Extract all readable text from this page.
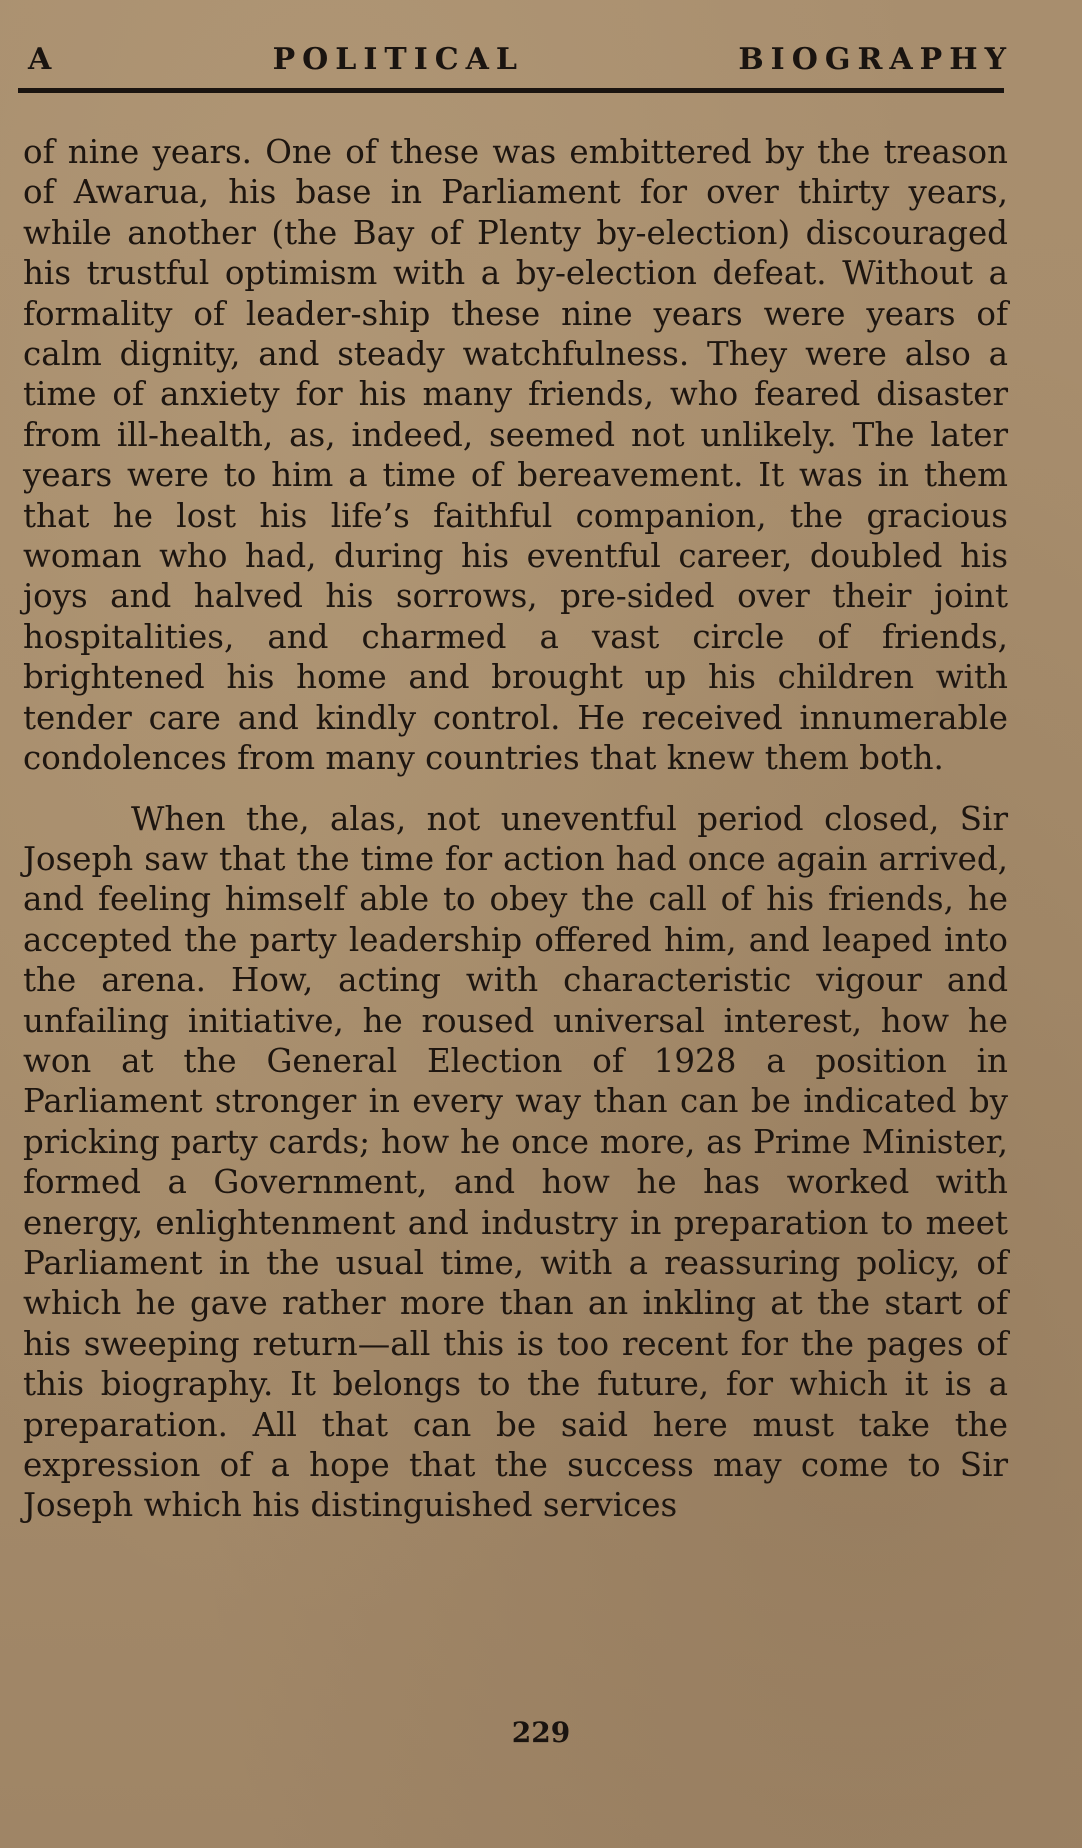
A	POLITICAL	BIOGRAPHY

of nine years. One of these was embittered by the treason of Awarua, his base in Parliament for over thirty years, while another (the Bay of Plenty by-election) discouraged his trustful optimism with a by-election defeat. Without a formality of leader-ship these nine years were years of calm dignity, and steady watchfulness. They were also a time of anxiety for his many friends, who feared disaster from ill-health, as, indeed, seemed not unlikely. The later years were to him a time of bereavement. It was in them that he lost his life’s faithful companion, the gracious woman who had, during his eventful career, doubled his joys and halved his sorrows, pre-sided over their joint hospitalities, and charmed a vast circle of friends, brightened his home and brought up his children with tender care and kindly control. He received innumerable condolences from many countries that knew them both.

When the, alas, not uneventful period closed, Sir Joseph saw that the time for action had once again arrived, and feeling himself able to obey the call of his friends, he accepted the party leadership offered him, and leaped into the arena. How, acting with characteristic vigour and unfailing initiative, he roused universal interest, how he won at the General Election of 1928 a position in Parliament stronger in every way than can be indicated by pricking party cards; how he once more, as Prime Minister, formed a Government, and how he has worked with energy, enlightenment and industry in preparation to meet Parliament in the usual time, with a reassuring policy, of which he gave rather more than an inkling at the start of his sweeping return—all this is too recent for the pages of this biography. It belongs to the future, for which it is a preparation. All that can be said here must take the expression of a hope that the success may come to Sir Joseph which his distinguished services

229
